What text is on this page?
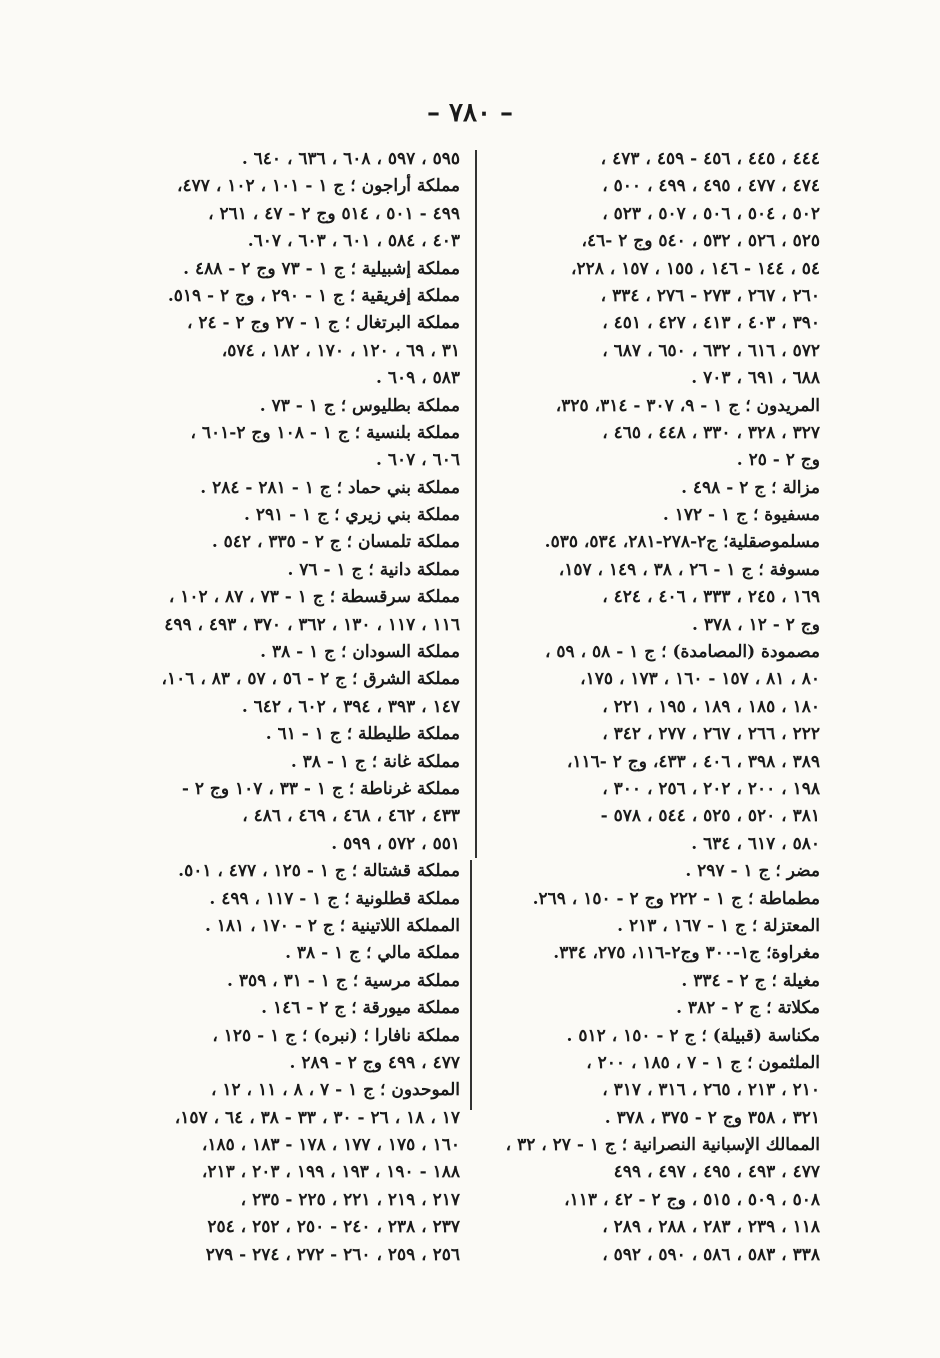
– ٧٨٠ –
٤٤٤ ، ٤٤٥ ، ٤٥٦ - ٤٥٩ ، ٤٧٣ ،
٤٧٤ ، ٤٧٧ ، ٤٩٥ ، ٤٩٩ ، ٥٠٠ ،
٥٠٢ ، ٥٠٤ ، ٥٠٦ ، ٥٠٧ ، ٥٢٣ ،
٥٢٥ ، ٥٢٦ ، ٥٣٢ ، ٥٤٠ وج ٢ -٤٦،
٥٤ ، ١٤٤ - ١٤٦ ، ١٥٥ ، ١٥٧ ، ٢٢٨،
٢٦٠ ، ٢٦٧ ، ٢٧٣ - ٢٧٦ ، ٣٣٤ ،
٣٩٠ ، ٤٠٣ ، ٤١٣ ، ٤٢٧ ، ٤٥١ ،
٥٧٢ ، ٦١٦ ، ٦٣٢ ، ٦٥٠ ، ٦٨٧ ،
٦٨٨ ، ٦٩١ ، ٧٠٣ .
المريدون ؛ ج ١ - ٩، ٣٠٧ - ٣١٤، ٣٢٥،
٣٢٧ ، ٣٢٨ ، ٣٣٠ ، ٤٤٨ ، ٤٦٥ ،
وج ٢ - ٢٥ .
مزالة ؛ ج ٢ - ٤٩٨ .
مسفيوة ؛ ج ١ - ١٧٢ .
مسلموصقلية؛ ج٢-٢٧٨-٢٨١، ٥٣٤، ٥٣٥.
مسوفة ؛ ج ١ - ٢٦ ، ٣٨ ، ١٤٩ ، ١٥٧،
١٦٩ ، ٢٤٥ ، ٣٣٣ ، ٤٠٦ ، ٤٢٤ ،
وج ٢ - ١٢ ، ٣٧٨ .
مصمودة (المصامدة) ؛ ج ١ - ٥٨ ، ٥٩ ،
٨٠ ، ٨١ ، ١٥٧ - ١٦٠ ، ١٧٣ ، ١٧٥،
١٨٠ ، ١٨٥ ، ١٨٩ ، ١٩٥ ، ٢٢١ ،
٢٢٢ ، ٢٦٦ ، ٢٦٧ ، ٢٧٧ ، ٣٤٢ ،
٣٨٩ ، ٣٩٨ ، ٤٠٦ ، ٤٣٣، وج ٢ -١١٦،
١٩٨ ، ٢٠٠ ، ٢٠٢ ، ٢٥٦ ، ٣٠٠ ،
٣٨١ ، ٥٢٠ ، ٥٢٥ ، ٥٤٤ ، ٥٧٨ -
٥٨٠ ، ٦١٧ ، ٦٣٤ .
مضر ؛ ج ١ - ٢٩٧ .
مطماطة ؛ ج ١ - ٢٢٢ وج ٢ - ١٥٠ ، ٢٦٩.
المعتزلة ؛ ج ١ - ١٦٧ ، ٢١٣ .
مغراوة؛ ج١-٣٠٠ وج٢-١١٦، ٢٧٥، ٣٣٤.
مغيلة ؛ ج ٢ - ٣٣٤ .
مكلاتة ؛ ج ٢ - ٣٨٢ .
مكناسة (قبيلة) ؛ ج ٢ - ١٥٠ ، ٥١٢ .
الملثمون ؛ ج ١ - ٧ ، ١٨٥ ، ٢٠٠ ،
٢١٠ ، ٢١٣ ، ٢٦٥ ، ٣١٦ ، ٣١٧ ،
٣٢١ ، ٣٥٨ وج ٢ - ٣٧٥ ، ٣٧٨ .
الممالك الإسبانية النصرانية ؛ ج ١ - ٢٧ ، ٣٢ ،
٤٧٧ ، ٤٩٣ ، ٤٩٥ ، ٤٩٧ ، ٤٩٩
٥٠٨ ، ٥٠٩ ، ٥١٥ ، وج ٢ - ٤٢ ، ١١٣،
١١٨ ، ٢٣٩ ، ٢٨٣ ، ٢٨٨ ، ٢٨٩ ،
٣٣٨ ، ٥٨٣ ، ٥٨٦ ، ٥٩٠ ، ٥٩٢ ،
٥٩٥ ، ٥٩٧ ، ٦٠٨ ، ٦٣٦ ، ٦٤٠ .
مملكة أراجون ؛ ج ١ - ١٠١ ، ١٠٢ ، ٤٧٧،
٤٩٩ - ٥٠١ ، ٥١٤ وج ٢ - ٤٧ ، ٢٦١ ،
٤٠٣ ، ٥٨٤ ، ٦٠١ ، ٦٠٣ ، ٦٠٧.
مملكة إشبيلية ؛ ج ١ - ٧٣ وج ٢ - ٤٨٨ .
مملكة إفريقية ؛ ج ١ - ٢٩٠ ، وج ٢ - ٥١٩.
مملكة البرتغال ؛ ج ١ - ٢٧ وج ٢ - ٢٤ ،
٣١ ، ٦٩ ، ١٢٠ ، ١٧٠ ، ١٨٢ ، ٥٧٤،
٥٨٣ ، ٦٠٩ .
مملكة بطليوس ؛ ج ١ - ٧٣ .
مملكة بلنسية ؛ ج ١ - ١٠٨ وج ٢-٦٠١ ،
٦٠٦ ، ٦٠٧ .
مملكة بني حماد ؛ ج ١ - ٢٨١ - ٢٨٤ .
مملكة بني زيري ؛ ج ١ - ٢٩١ .
مملكة تلمسان ؛ ج ٢ - ٣٣٥ ، ٥٤٢ .
مملكة دانية ؛ ج ١ - ٧٦ .
مملكة سرقسطة ؛ ج ١ - ٧٣ ، ٨٧ ، ١٠٢ ،
١١٦ ، ١١٧ ، ١٣٠ ، ٣٦٢ ، ٣٧٠ ، ٤٩٣ ، ٤٩٩
مملكة السودان ؛ ج ١ - ٣٨ .
مملكة الشرق ؛ ج ٢ - ٥٦ ، ٥٧ ، ٨٣ ، ١٠٦،
١٤٧ ، ٣٩٣ ، ٣٩٤ ، ٦٠٢ ، ٦٤٢ .
مملكة طليطلة ؛ ج ١ - ٦١ .
مملكة غانة ؛ ج ١ - ٣٨ .
مملكة غرناطة ؛ ج ١ - ٣٣ ، ١٠٧ وج ٢ -
٤٣٣ ، ٤٦٢ ، ٤٦٨ ، ٤٦٩ ، ٤٨٦ ،
٥٥١ ، ٥٧٢ ، ٥٩٩ .
مملكة قشتالة ؛ ج ١ - ١٢٥ ، ٤٧٧ ، ٥٠١.
مملكة قطلونية ؛ ج ١ - ١١٧ ، ٤٩٩ .
المملكة اللاتينية ؛ ج ٢ - ١٧٠ ، ١٨١ .
مملكة مالي ؛ ج ١ - ٣٨ .
مملكة مرسية ؛ ج ١ - ٣١ ، ٣٥٩ .
مملكة ميورقة ؛ ج ٢ - ١٤٦ .
مملكة نافارا ؛ (نبره) ؛ ج ١ - ١٢٥ ،
٤٧٧ ، ٤٩٩ وج ٢ - ٢٨٩ .
الموحدون ؛ ج ١ - ٧ ، ٨ ، ١١ ، ١٢ ،
١٧ ، ١٨ ، ٢٦ - ٣٠ ، ٣٣ - ٣٨ ، ٦٤ ، ١٥٧،
١٦٠ ، ١٧٥ ، ١٧٧ ، ١٧٨ - ١٨٣ ، ١٨٥،
١٨٨ - ١٩٠ ، ١٩٣ ، ١٩٩ ، ٢٠٣ ، ٢١٣،
٢١٧ ، ٢١٩ ، ٢٢١ ، ٢٢٥ - ٢٣٥ ،
٢٣٧ ، ٢٣٨ ، ٢٤٠ - ٢٥٠ ، ٢٥٢ ، ٢٥٤
٢٥٦ ، ٢٥٩ ، ٢٦٠ - ٢٧٢ ، ٢٧٤ - ٢٧٩
